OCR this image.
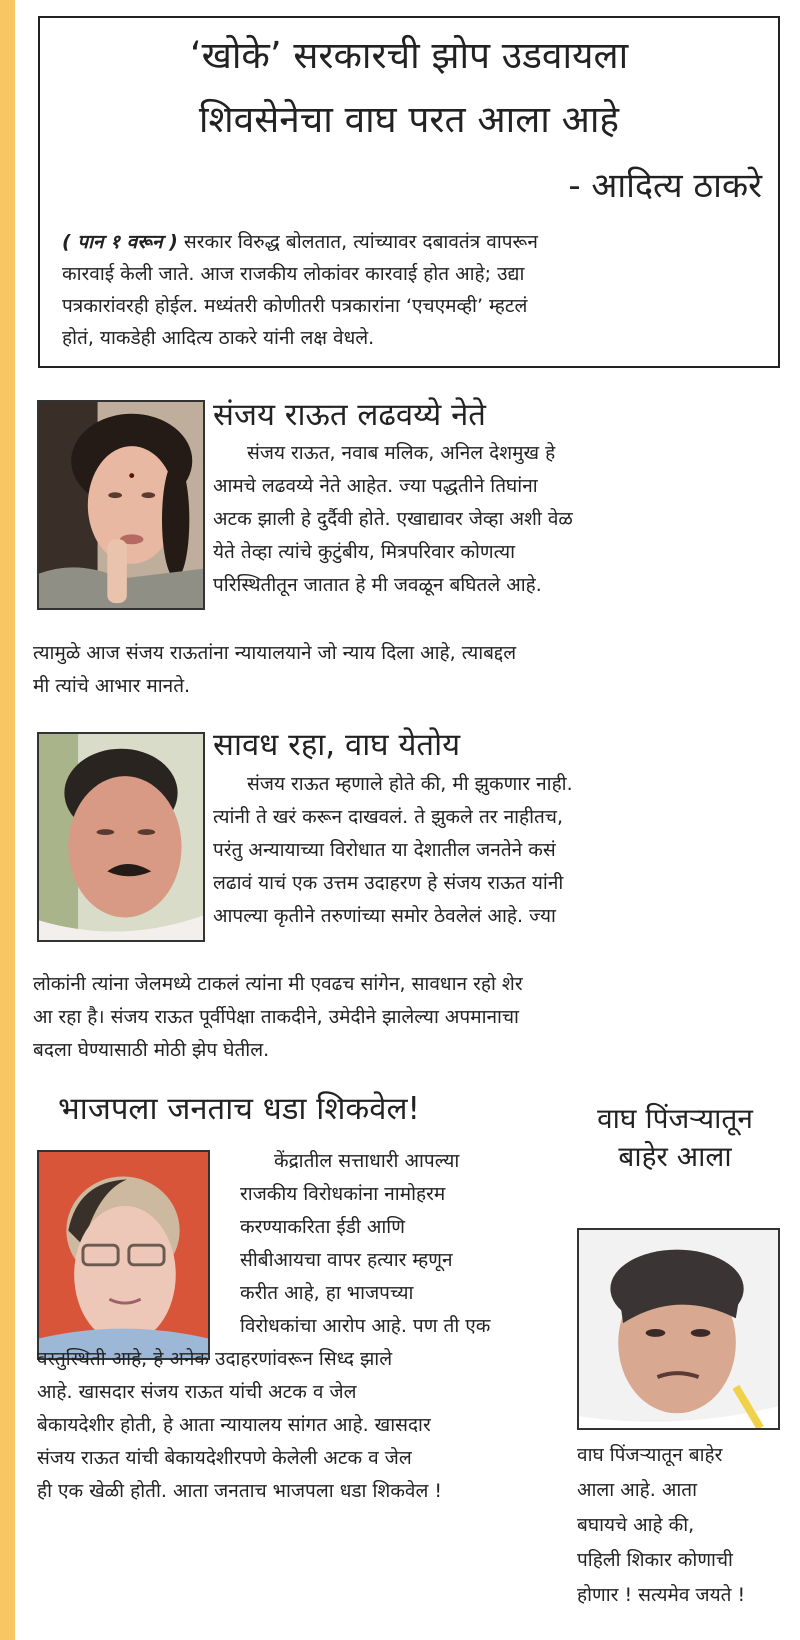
‘खोके’ सरकारची झोप उडवायला
शिवसेनेचा वाघ परत आला आहे
- आदित्य ठाकरे
( पान १ वरून ) सरकार विरुद्ध बोलतात, त्यांच्यावर दबावतंत्र वापरून
कारवाई केली जाते. आज राजकीय लोकांवर कारवाई होत आहे; उद्या
पत्रकारांवरही होईल. मध्यंतरी कोणीतरी पत्रकारांना ‘एचएमव्ही’ म्हटलं
होतं, याकडेही आदित्य ठाकरे यांनी लक्ष वेधले.
संजय राऊत लढवय्ये नेते
संजय राऊत, नवाब मलिक, अनिल देशमुख हे
आमचे लढवय्ये नेते आहेत. ज्या पद्धतीने तिघांना
अटक झाली हे दुर्दैवी होते. एखाद्यावर जेव्हा अशी वेळ
येते तेव्हा त्यांचे कुटुंबीय, मित्रपरिवार कोणत्या
परिस्थितीतून जातात हे मी जवळून बघितले आहे.
त्यामुळे आज संजय राऊतांना न्यायालयाने जो न्याय दिला आहे, त्याबद्दल
मी त्यांचे आभार मानते.
सावध रहा, वाघ येतोय
संजय राऊत म्हणाले होते की, मी झुकणार नाही.
त्यांनी ते खरं करून दाखवलं. ते झुकले तर नाहीतच,
परंतु अन्यायाच्या विरोधात या देशातील जनतेने कसं
लढावं याचं एक उत्तम उदाहरण हे संजय राऊत यांनी
आपल्या कृतीने तरुणांच्या समोर ठेवलेलं आहे. ज्या
लोकांनी त्यांना जेलमध्ये टाकलं त्यांना मी एवढच सांगेन, सावधान रहो शेर
आ रहा है। संजय राऊत पूर्वीपेक्षा ताकदीने, उमेदीने झालेल्या अपमानाचा
बदला घेण्यासाठी मोठी झेप घेतील.
भाजपला जनताच धडा शिकवेल!
केंद्रातील सत्ताधारी आपल्या
राजकीय विरोधकांना नामोहरम
करण्याकरिता ईडी आणि
सीबीआयचा वापर हत्यार म्हणून
करीत आहे, हा भाजपच्या
विरोधकांचा आरोप आहे. पण ती एक
वस्तुस्थिती आहे, हे अनेक उदाहरणांवरून सिध्द झाले
आहे. खासदार संजय राऊत यांची अटक व जेल
बेकायदेशीर होती, हे आता न्यायालय सांगत आहे. खासदार
संजय राऊत यांची बेकायदेशीरपणे केलेली अटक व जेल
ही एक खेळी होती. आता जनताच भाजपला धडा शिकवेल !
वाघ पिंजऱ्यातून
बाहेर आला
वाघ पिंजऱ्यातून बाहेर
आला आहे. आता
बघायचे आहे की,
पहिली शिकार कोणाची
होणार ! सत्यमेव जयते !
